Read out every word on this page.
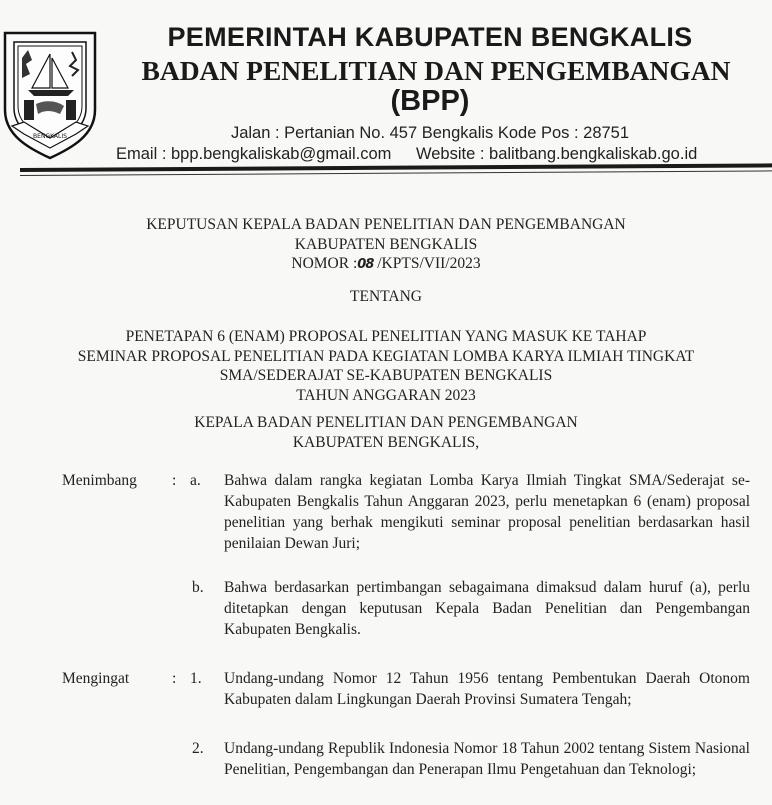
BENGKALIS
PEMERINTAH KABUPATEN BENGKALIS
BADAN PENELITIAN DAN PENGEMBANGAN
(BPP)
Jalan : Pertanian No. 457 Bengkalis Kode Pos : 28751
Email : bpp.bengkaliskab@gmail.com Website : balitbang.bengkaliskab.go.id
KEPUTUSAN KEPALA BADAN PENELITIAN DAN PENGEMBANGAN
KABUPATEN BENGKALIS
NOMOR :08 /KPTS/VII/2023
TENTANG
PENETAPAN 6 (ENAM) PROPOSAL PENELITIAN YANG MASUK KE TAHAP
SEMINAR PROPOSAL PENELITIAN PADA KEGIATAN LOMBA KARYA ILMIAH TINGKAT
SMA/SEDERAJAT SE-KABUPATEN BENGKALIS
TAHUN ANGGARAN 2023
KEPALA BADAN PENELITIAN DAN PENGEMBANGAN
KABUPATEN BENGKALIS,
Menimbang : a. Bahwa dalam rangka kegiatan Lomba Karya Ilmiah Tingkat SMA/Sederajat se-Kabupaten Bengkalis Tahun Anggaran 2023, perlu menetapkan 6 (enam) proposal penelitian yang berhak mengikuti seminar proposal penelitian berdasarkan hasil penilaian Dewan Juri;
b. Bahwa berdasarkan pertimbangan sebagaimana dimaksud dalam huruf (a), perlu ditetapkan dengan keputusan Kepala Badan Penelitian dan Pengembangan Kabupaten Bengkalis.
Mengingat	: 1. Undang-undang Nomor 12 Tahun 1956 tentang Pembentukan Daerah Otonom Kabupaten dalam Lingkungan Daerah Provinsi Sumatera Tengah;
2. Undang-undang Republik Indonesia Nomor 18 Tahun 2002 tentang Sistem Nasional Penelitian, Pengembangan dan Penerapan Ilmu Pengetahuan dan Teknologi;
